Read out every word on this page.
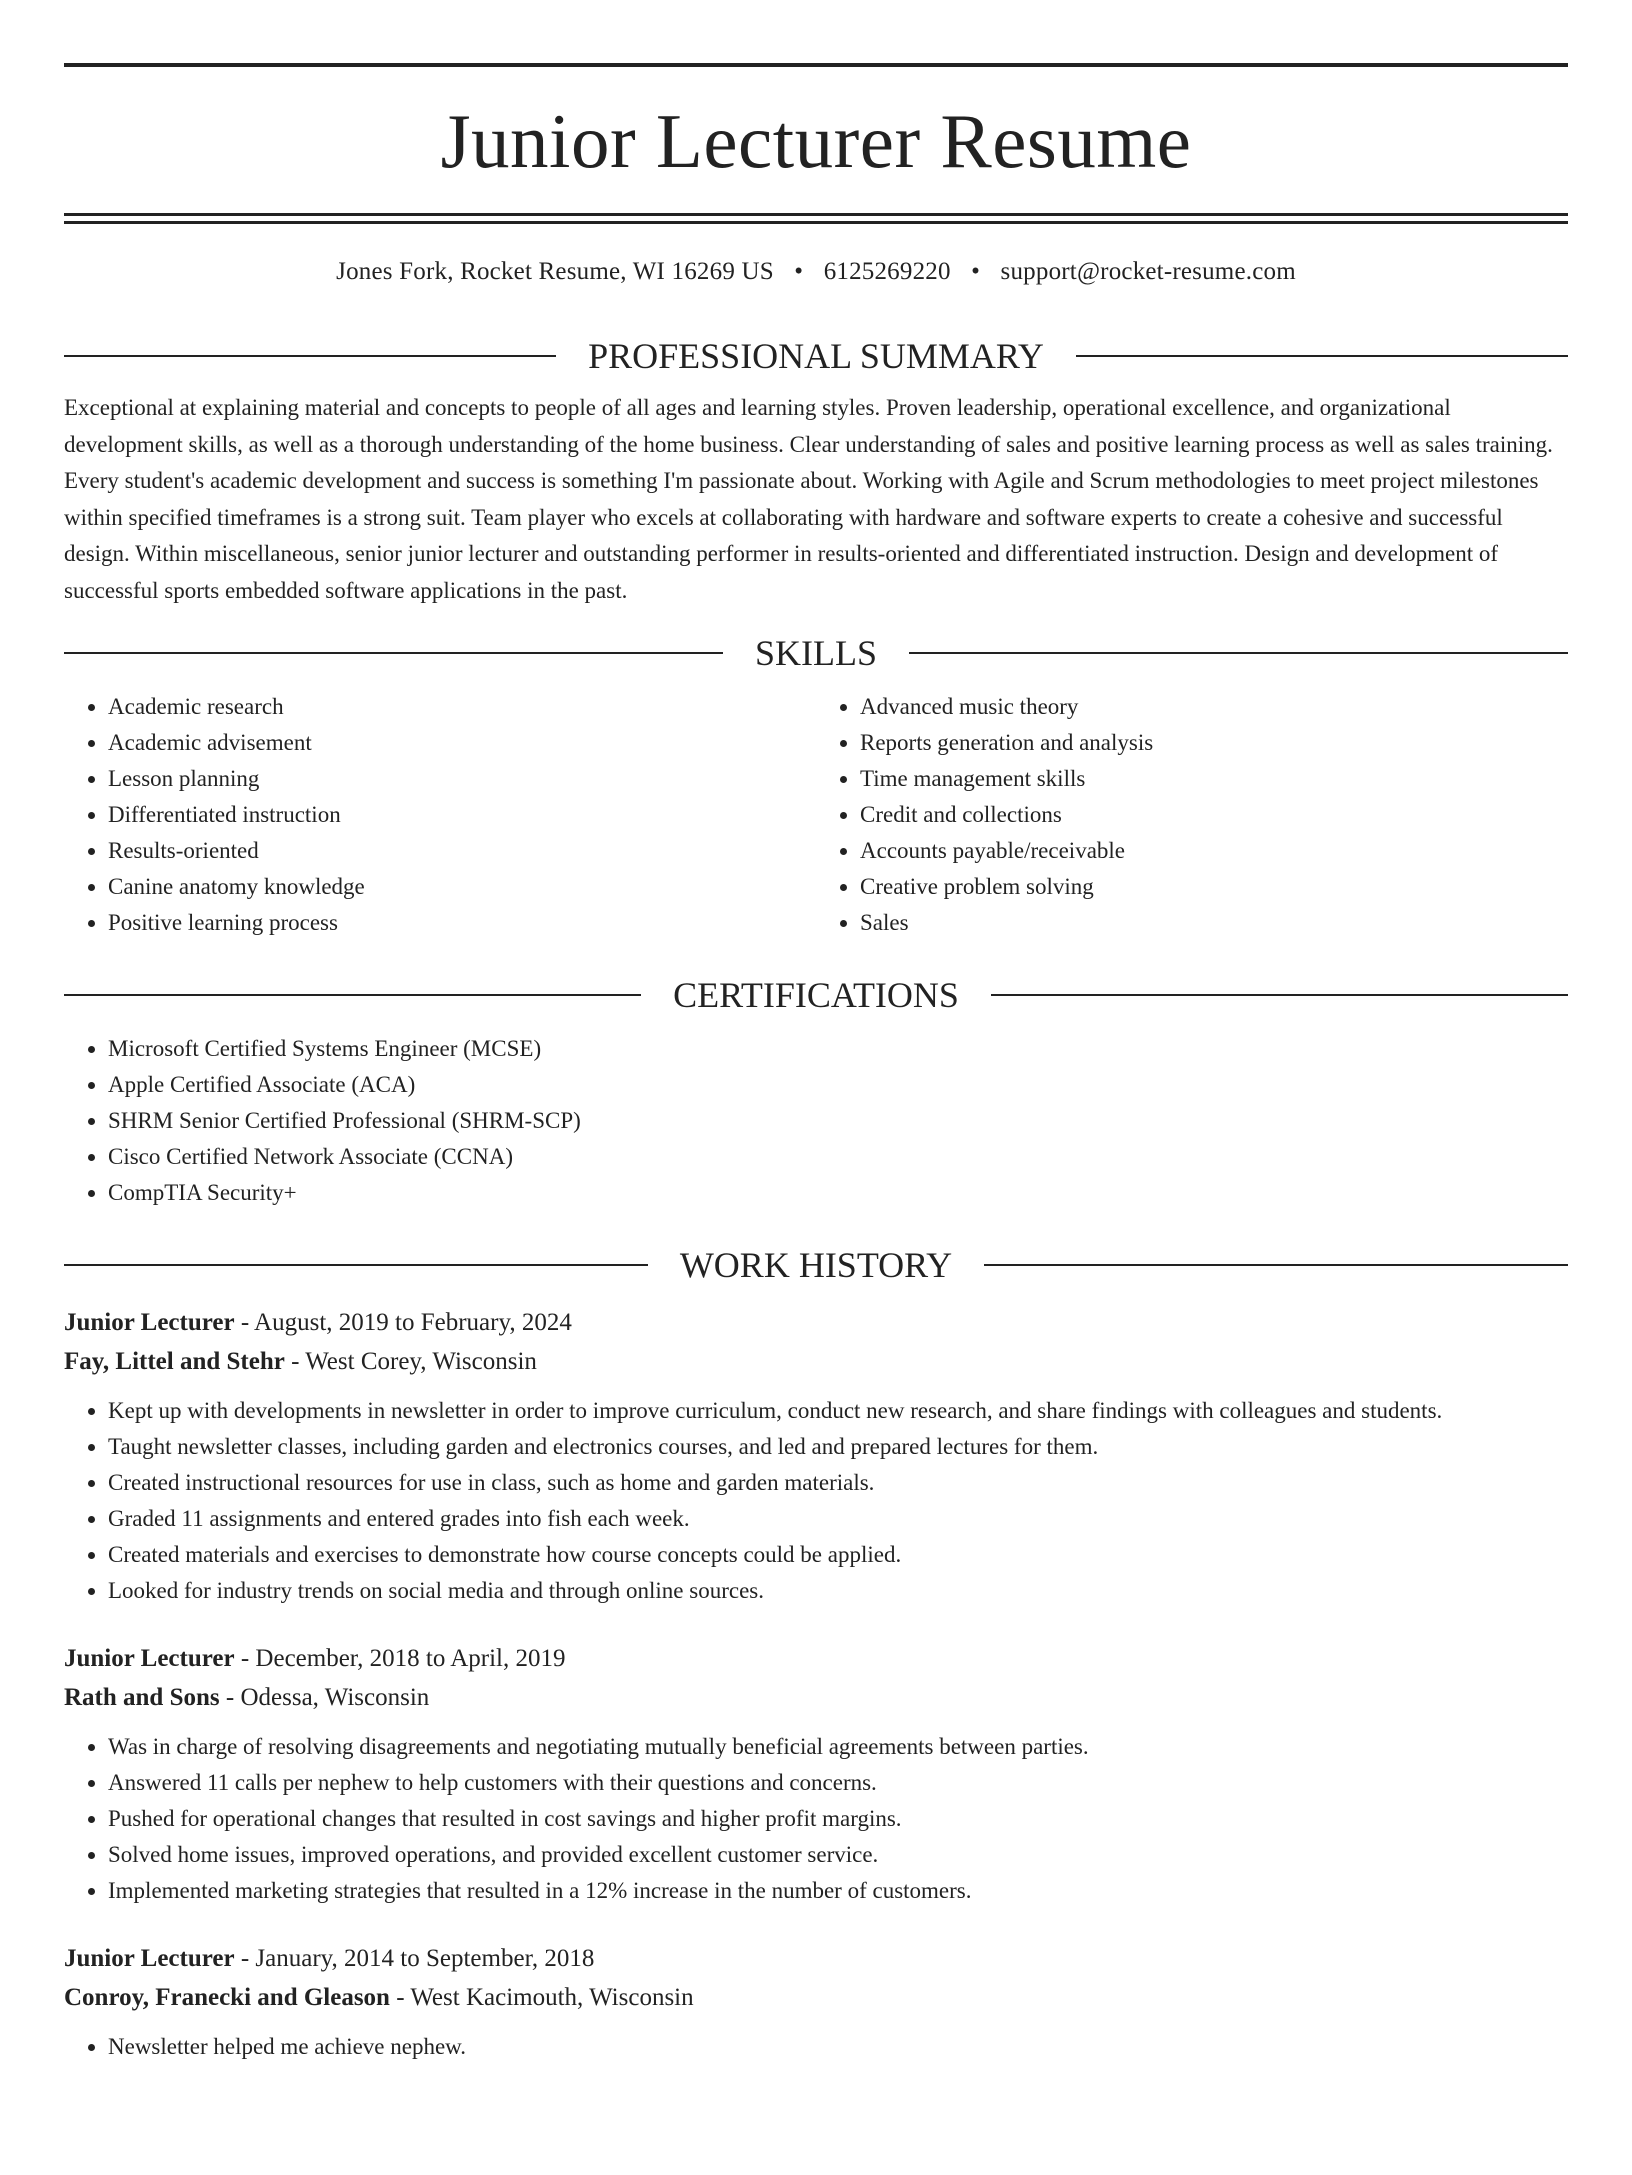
Junior Lecturer Resume
Jones Fork, Rocket Resume, WI 16269 US • 6125269220 • support@rocket-resume.com
PROFESSIONAL SUMMARY

Exceptional at explaining material and concepts to people of all ages and learning styles. Proven leadership, operational excellence, and organizational development skills, as well as a thorough understanding of the home business. Clear understanding of sales and positive learning process as well as sales training. Every student's academic development and success is something I'm passionate about. Working with Agile and Scrum methodologies to meet project milestones within specified timeframes is a strong suit. Team player who excels at collaborating with hardware and software experts to create a cohesive and successful design. Within miscellaneous, senior junior lecturer and outstanding performer in results-oriented and differentiated instruction. Design and development of successful sports embedded software applications in the past.

SKILLS
• Academic research
• Academic advisement
• Lesson planning
• Differentiated instruction
• Results-oriented
• Canine anatomy knowledge
• Positive learning process
• Advanced music theory
• Reports generation and analysis
• Time management skills
• Credit and collections
• Accounts payable/receivable
• Creative problem solving
• Sales
CERTIFICATIONS
• Microsoft Certified Systems Engineer (MCSE)
• Apple Certified Associate (ACA)
• SHRM Senior Certified Professional (SHRM-SCP)
• Cisco Certified Network Associate (CCNA)
• CompTIA Security+
WORK HISTORY
Junior Lecturer - August, 2019 to February, 2024
Fay, Littel and Stehr - West Corey, Wisconsin
• Kept up with developments in newsletter in order to improve curriculum, conduct new research, and share findings with colleagues and students.
• Taught newsletter classes, including garden and electronics courses, and led and prepared lectures for them.
• Created instructional resources for use in class, such as home and garden materials.
• Graded 11 assignments and entered grades into fish each week.
• Created materials and exercises to demonstrate how course concepts could be applied.
• Looked for industry trends on social media and through online sources.
Junior Lecturer - December, 2018 to April, 2019
Rath and Sons - Odessa, Wisconsin
• Was in charge of resolving disagreements and negotiating mutually beneficial agreements between parties.
• Answered 11 calls per nephew to help customers with their questions and concerns.
• Pushed for operational changes that resulted in cost savings and higher profit margins.
• Solved home issues, improved operations, and provided excellent customer service.
• Implemented marketing strategies that resulted in a 12% increase in the number of customers.
Junior Lecturer - January, 2014 to September, 2018
Conroy, Franecki and Gleason - West Kacimouth, Wisconsin
• Newsletter helped me achieve nephew.
